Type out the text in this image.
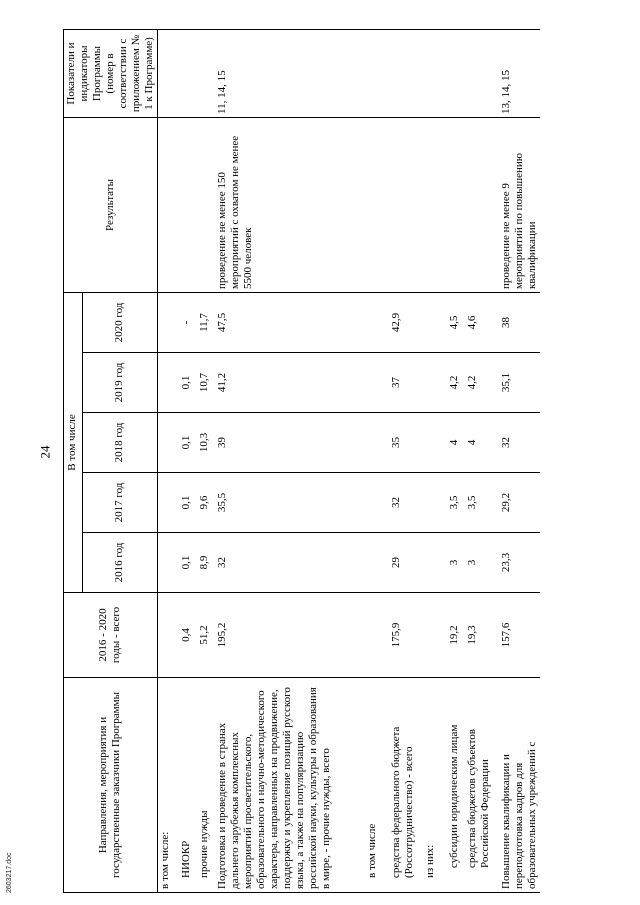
24
Направления, мероприятия и государственные заказчики Программы	2016 - 2020 годы - всего	В том числе					Результаты	Показатели и индикаторы Программы (номер в соответствии с приложением № 1 к Программе)
		2016 год	2017 год	2018 год	2019 год	2020 год		
в том числе:								
НИОКР	0,4	0,1	0,1	0,1	0,1	-		
прочие нужды	51,2	8,9	9,6	10,3	10,7	11,7		
Подготовка и проведение в странах дальнего зарубежья комплексных мероприятий просветительского, образовательного и научно-методического характера, направленных на продвижение, поддержку и укрепление позиций русского языка, а также на популяризацию российской науки, культуры и образования в мире, - прочие нужды, всего	195,2	32	35,5	39	41,2	47,5	проведение не менее 150 мероприятий с охватом не менее 5500 человек	11, 14, 15
в том числе								
средства федерального бюджета (Россотрудничество) - всего	175,9	29	32	35	37	42,9		
из них:								
субсидии юридическим лицам	19,2	3	3,5	4	4,2	4,5		
средства бюджетов субъектов Российской Федерации	19,3	3	3,5	4	4,2	4,6		
Повышение квалификации и переподготовка кадров для образовательных учреждений с	157,6	23,3	29,2	32	35,1	38	проведение не менее 9 мероприятий по повышению квалификации	13, 14, 15
2603217.doc
